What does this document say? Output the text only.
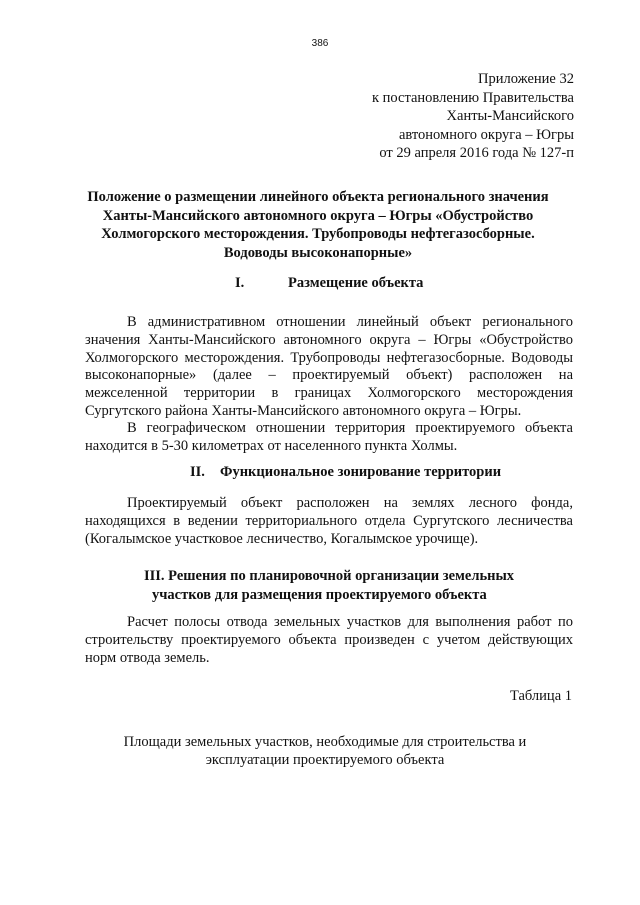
386
Приложение 32
к постановлению Правительства
Ханты-Мансийского
автономного округа – Югры
от 29 апреля 2016 года № 127-п
Положение о размещении линейного объекта регионального значения
Ханты-Мансийского автономного округа – Югры «Обустройство
Холмогорского месторождения. Трубопроводы нефтегазосборные.
Водоводы высоконапорные»
I.	Размещение объекта
В административном отношении линейный объект регионального значения Ханты-Мансийского автономного округа – Югры «Обустройство Холмогорского месторождения. Трубопроводы нефтегазосборные. Водоводы высоконапорные» (далее – проектируемый объект) расположен на межселенной территории в границах Холмогорского месторождения Сургутского района Ханты-Мансийского автономного округа – Югры.
В географическом отношении территория проектируемого объекта находится в 5-30 километрах от населенного пункта Холмы.
II. Функциональное зонирование территории
Проектируемый объект расположен на землях лесного фонда, находящихся в ведении территориального отдела Сургутского лесничества (Когалымское участковое лесничество, Когалымское урочище).
III. Решения по планировочной организации земельных
участков для размещения проектируемого объекта
Расчет полосы отвода земельных участков для выполнения работ по строительству проектируемого объекта произведен с учетом действующих норм отвода земель.
Таблица 1
Площади земельных участков, необходимые для строительства и
эксплуатации проектируемого объекта
